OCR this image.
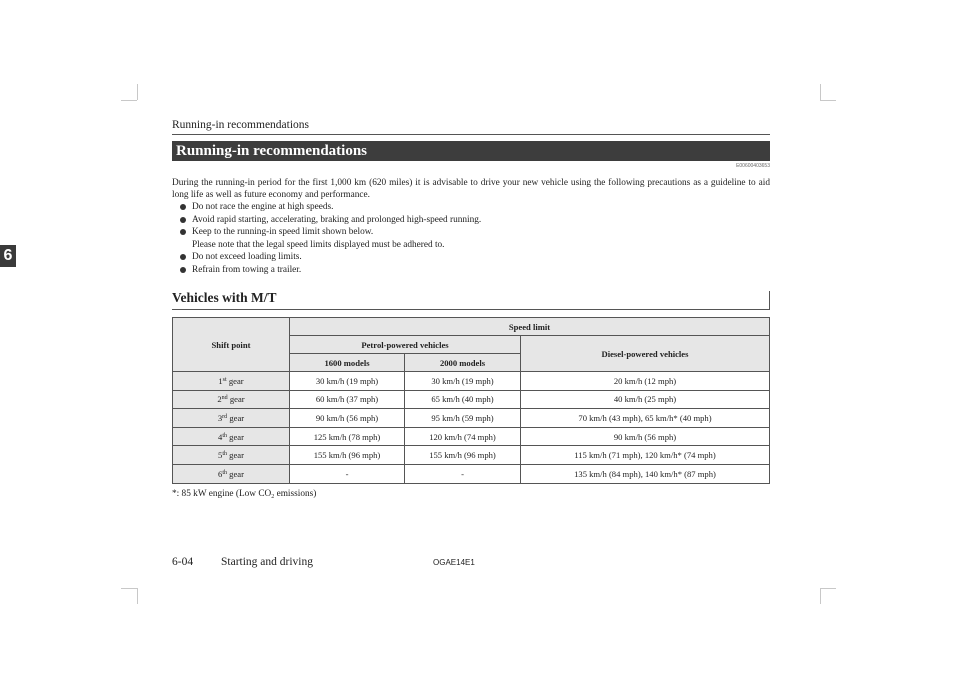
Running-in recommendations
6
Running-in recommendations
E00600403653

During the running-in period for the first 1,000 km (620 miles) it is advisable to drive your new vehicle using the following precautions as a guideline to aid long life as well as future economy and performance.

Do not race the engine at high speeds.
Avoid rapid starting, accelerating, braking and prolonged high-speed running.
Keep to the running-in speed limit shown below.
Please note that the legal speed limits displayed must be adhered to.
Do not exceed loading limits.
Refrain from towing a trailer.
Vehicles with M/T
Shift point	Speed limit		
	Petrol-powered vehicles		Diesel-powered vehicles
	1600 models	2000 models	
1st gear	30 km/h (19 mph)	30 km/h (19 mph)	20 km/h (12 mph)
2nd gear	60 km/h (37 mph)	65 km/h (40 mph)	40 km/h (25 mph)
3rd gear	90 km/h (56 mph)	95 km/h (59 mph)	70 km/h (43 mph), 65 km/h* (40 mph)
4th gear	125 km/h (78 mph)	120 km/h (74 mph)	90 km/h (56 mph)
5th gear	155 km/h (96 mph)	155 km/h (96 mph)	115 km/h (71 mph), 120 km/h* (74 mph)
6th gear	-	-	135 km/h (84 mph), 140 km/h* (87 mph)
*: 85 kW engine (Low $CO_2$ emissions)
6-04 Starting and driving	OGAE14E1
